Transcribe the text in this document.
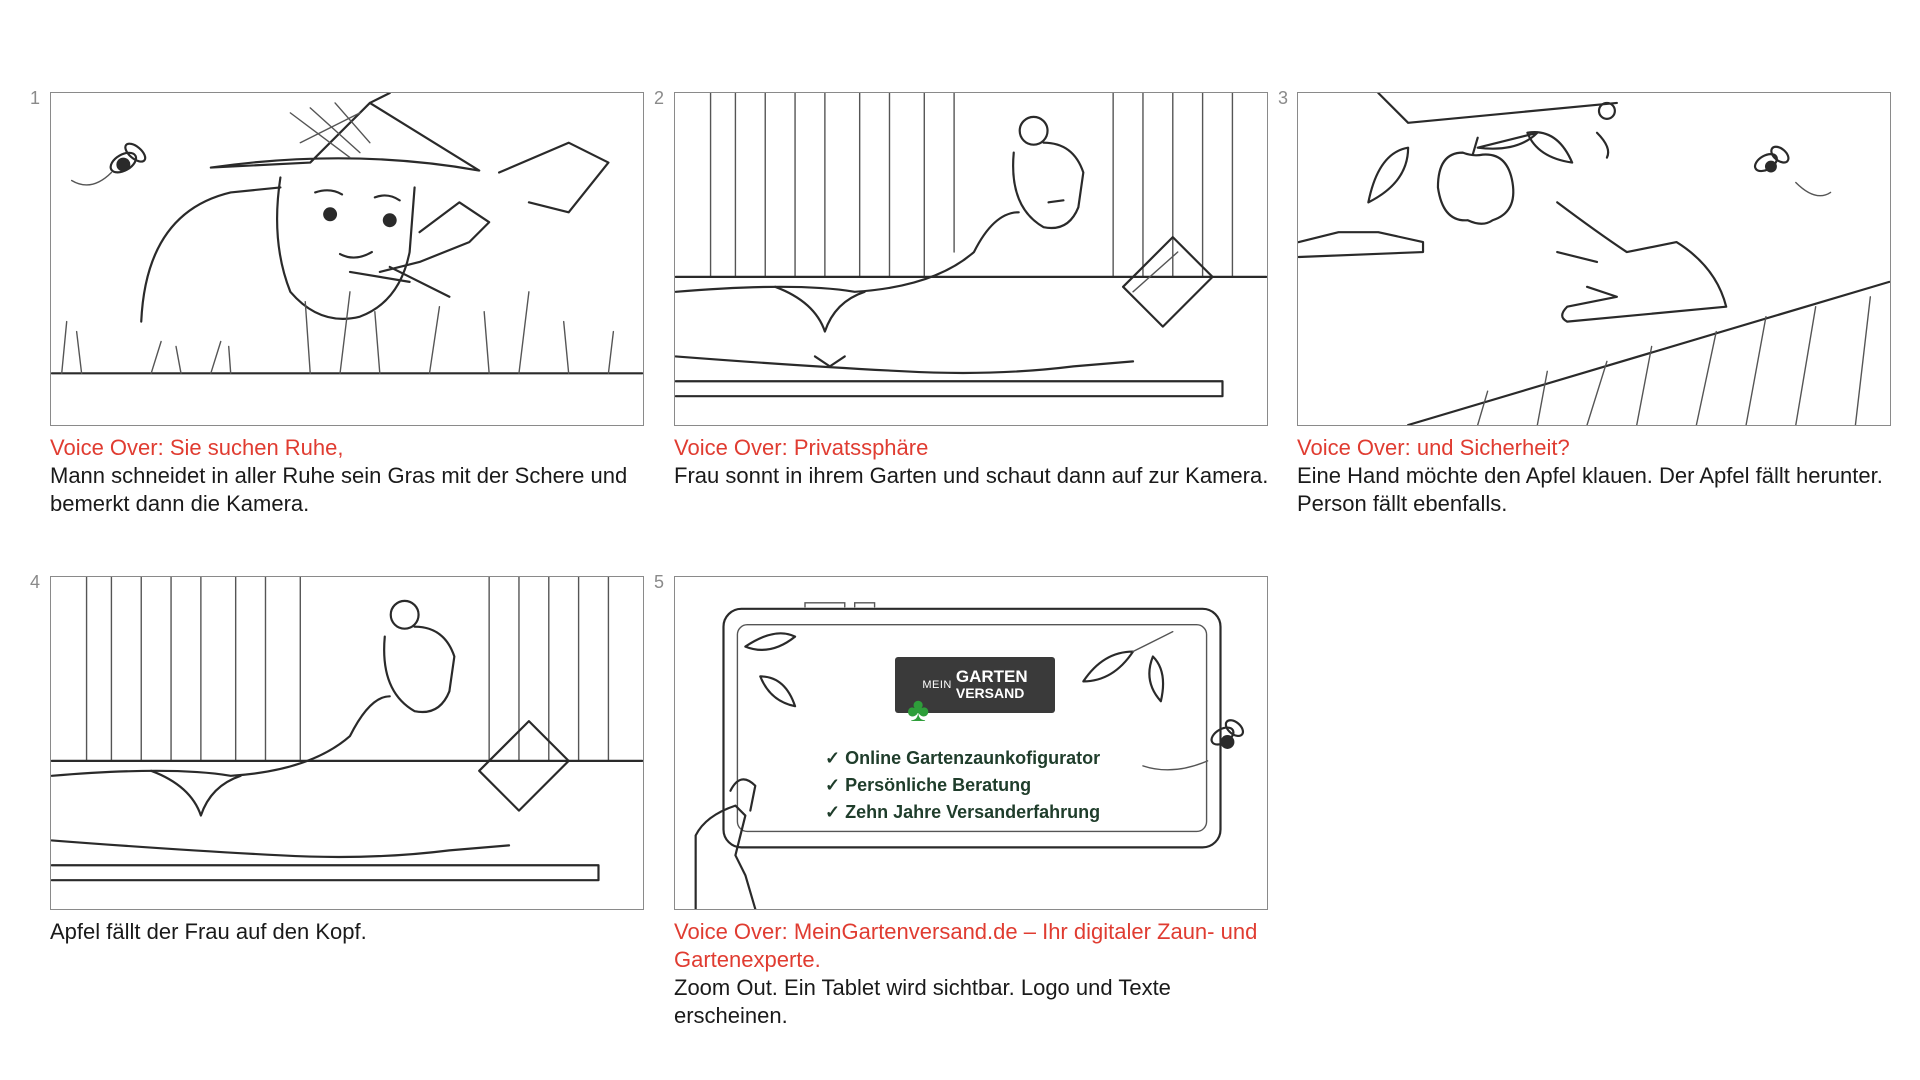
1
Voice Over: Sie suchen Ruhe,
Mann schneidet in aller Ruhe sein Gras mit der Schere und bemerkt dann die Kamera.
2
Voice Over: Privatssphäre
Frau sonnt in ihrem Garten und schaut dann auf zur Kamera.
3
Voice Over: und Sicherheit?
Eine Hand möchte den Apfel klauen. Der Apfel fällt herunter. Person fällt ebenfalls.
4
Apfel fällt der Frau auf den Kopf.
5
MEIN GARTEN
VERSAND
♣
✓ Online Gartenzaunkofigurator
✓ Persönliche Beratung
✓ Zehn Jahre Versanderfahrung
Voice Over: MeinGartenversand.de – Ihr digitaler Zaun- und Gartenexperte.
Zoom Out. Ein Tablet wird sichtbar. Logo und Texte erscheinen.
